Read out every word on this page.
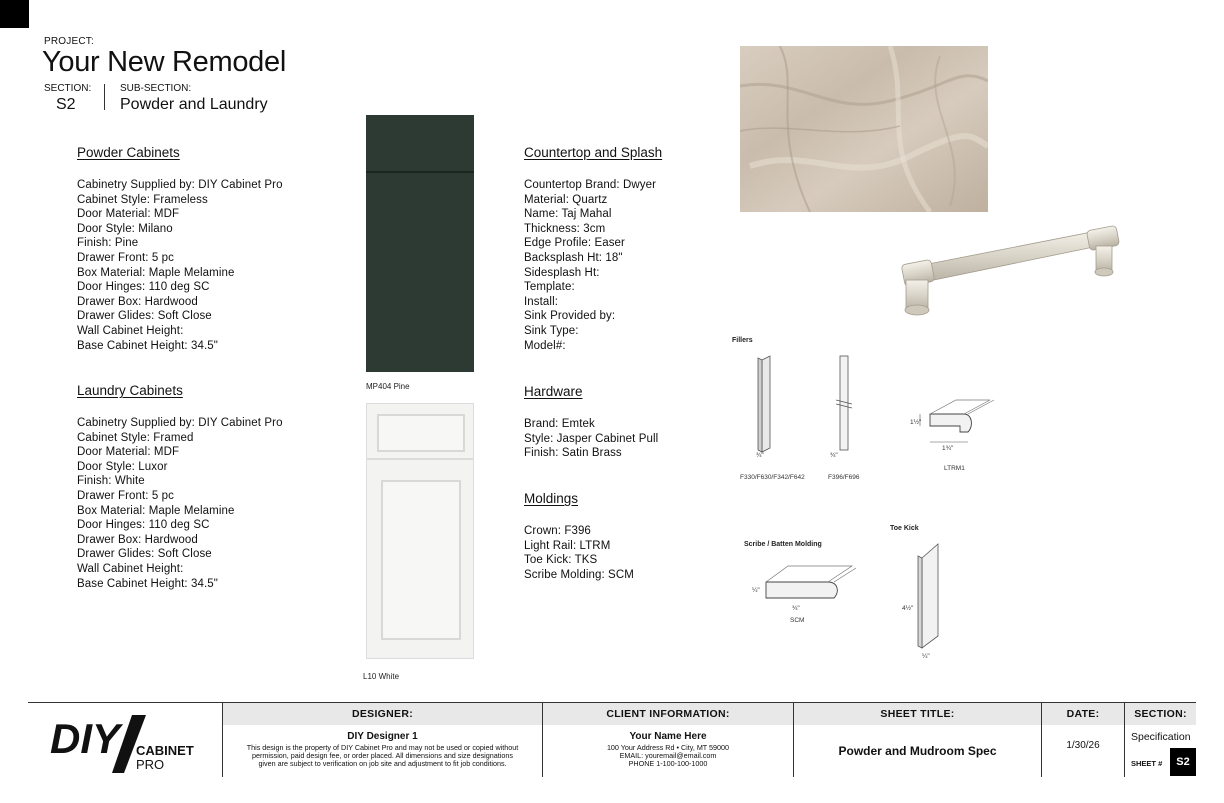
PROJECT:
Your New Remodel
SECTION:
S2
SUB-SECTION:
Powder and Laundry
Powder Cabinets
Cabinetry Supplied by: DIY Cabinet Pro
Cabinet Style: Frameless
Door Material: MDF
Door Style: Milano
Finish: Pine
Drawer Front: 5 pc
Box Material: Maple Melamine
Door Hinges: 110 deg SC
Drawer Box: Hardwood
Drawer Glides: Soft Close
Wall Cabinet Height:
Base Cabinet Height: 34.5"
Laundry Cabinets
Cabinetry Supplied by: DIY Cabinet Pro
Cabinet Style: Framed
Door Material: MDF
Door Style: Luxor
Finish: White
Drawer Front: 5 pc
Box Material: Maple Melamine
Door Hinges: 110 deg SC
Drawer Box: Hardwood
Drawer Glides: Soft Close
Wall Cabinet Height:
Base Cabinet Height: 34.5"
MP404 Pine
L10 White
Countertop and Splash
Countertop Brand: Dwyer
Material: Quartz
Name: Taj Mahal
Thickness: 3cm
Edge Profile: Easer
Backsplash Ht: 18"
Sidesplash Ht:
Template:
Install:
Sink Provided by:
Sink Type:
Model#:
Hardware
Brand: Emtek
Style: Jasper Cabinet Pull
Finish: Satin Brass
Moldings
Crown: F396
Light Rail: LTRM
Toe Kick: TKS
Scribe Molding: SCM
Fillers
¾"
F330/F630/F342/F642
¾"
F396/F696
1½"
1¾"
LTRM1
Scribe / Batten Molding
¼"
¾"
SCM
Toe Kick
4½"
¼"
DIY	CABINET
PRO
DESIGNER:
DIY Designer 1
This design is the property of DIY Cabinet Pro and may not be used or copied without permission, paid design fee, or order placed. All dimensions and size designations given are subject to verification on job site and adjustment to fit job conditions.
CLIENT INFORMATION:
Your Name Here
100 Your Address Rd • City, MT 59000
EMAIL: youremail@email.com
PHONE 1-100-100-1000
SHEET TITLE:
Powder and Mudroom Spec
DATE:
1/30/26
SECTION:
Specification
SHEET #	S2
